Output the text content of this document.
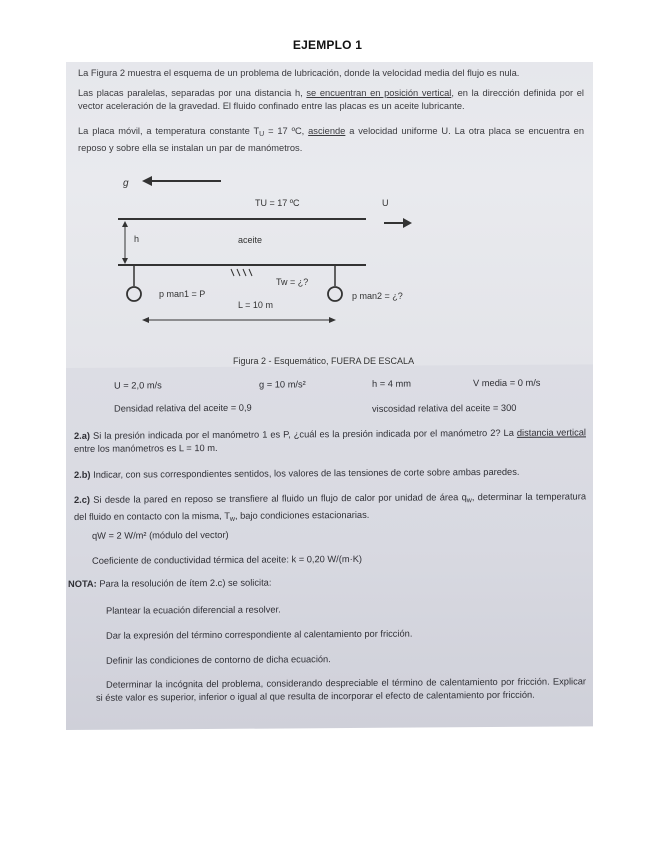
EJEMPLO 1
La Figura 2 muestra el esquema de un problema de lubricación, donde la velocidad media del flujo es nula.
Las placas paralelas, separadas por una distancia h, se encuentran en posición vertical, en la dirección definida por el vector aceleración de la gravedad. El fluido confinado entre las placas es un aceite lubricante.
La placa móvil, a temperatura constante $T_U = 17$ ºC, asciende a velocidad uniforme U. La otra placa se encuentra en reposo y sobre ella se instalan un par de manómetros.
g
TU = 17 ºC	U
h	aceite
Tw = ¿?
p man1 = P	p man2 = ¿?
L = 10 m
Figura 2 - Esquemático, FUERA DE ESCALA
U = 2,0 m/s	g = 10 m/s²	h = 4 mm	V media = 0 m/s
Densidad relativa del aceite = 0,9	viscosidad relativa del aceite = 300
2.a) Si la presión indicada por el manómetro 1 es P, ¿cuál es la presión indicada por el manómetro 2? La distancia vertical entre los manómetros es L = 10 m.
2.b) Indicar, con sus correspondientes sentidos, los valores de las tensiones de corte sobre ambas paredes.
2.c) Si desde la pared en reposo se transfiere al fluido un flujo de calor por unidad de área $q_w$, determinar la temperatura del fluido en contacto con la misma, $T_w$, bajo condiciones estacionarias.
qW = 2 W/m² (módulo del vector)
Coeficiente de conductividad térmica del aceite: k = 0,20 W/(m·K)
NOTA: Para la resolución de ítem 2.c) se solicita:
Plantear la ecuación diferencial a resolver.
Dar la expresión del término correspondiente al calentamiento por fricción.
Definir las condiciones de contorno de dicha ecuación.
Determinar la incógnita del problema, considerando despreciable el término de calentamiento por fricción. Explicar si éste valor es superior, inferior o igual al que resulta de incorporar el efecto de calentamiento por fricción.
